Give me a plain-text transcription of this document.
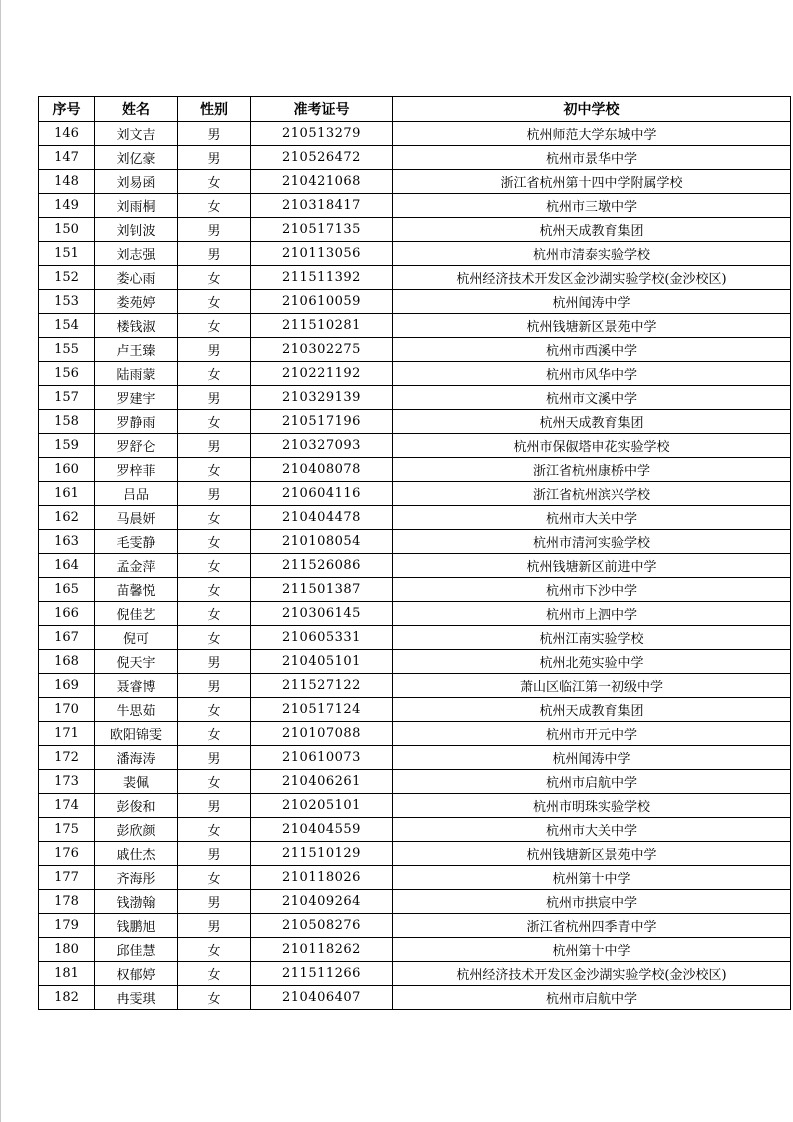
序号	姓名	性别	准考证号	初中学校
146	刘文吉	男	210513279	杭州师范大学东城中学
147	刘亿豪	男	210526472	杭州市景华中学
148	刘易函	女	210421068	浙江省杭州第十四中学附属学校
149	刘雨桐	女	210318417	杭州市三墩中学
150	刘钊波	男	210517135	杭州天成教育集团
151	刘志强	男	210113056	杭州市清泰实验学校
152	娄心雨	女	211511392	杭州经济技术开发区金沙湖实验学校(金沙校区)
153	娄苑婷	女	210610059	杭州闻涛中学
154	楼钱淑	女	211510281	杭州钱塘新区景苑中学
155	卢王臻	男	210302275	杭州市西溪中学
156	陆雨蒙	女	210221192	杭州市风华中学
157	罗建宇	男	210329139	杭州市文溪中学
158	罗静雨	女	210517196	杭州天成教育集团
159	罗舒仑	男	210327093	杭州市保俶塔申花实验学校
160	罗梓菲	女	210408078	浙江省杭州康桥中学
161	吕品	男	210604116	浙江省杭州滨兴学校
162	马晨妍	女	210404478	杭州市大关中学
163	毛雯静	女	210108054	杭州市清河实验学校
164	孟金萍	女	211526086	杭州钱塘新区前进中学
165	苗馨悦	女	211501387	杭州市下沙中学
166	倪佳艺	女	210306145	杭州市上泗中学
167	倪可	女	210605331	杭州江南实验学校
168	倪天宇	男	210405101	杭州北苑实验中学
169	聂睿博	男	211527122	萧山区临江第一初级中学
170	牛思茹	女	210517124	杭州天成教育集团
171	欧阳锦雯	女	210107088	杭州市开元中学
172	潘海涛	男	210610073	杭州闻涛中学
173	裴佩	女	210406261	杭州市启航中学
174	彭俊和	男	210205101	杭州市明珠实验学校
175	彭欣颜	女	210404559	杭州市大关中学
176	戚仕杰	男	211510129	杭州钱塘新区景苑中学
177	齐海彤	女	210118026	杭州第十中学
178	钱渤翰	男	210409264	杭州市拱宸中学
179	钱鹏旭	男	210508276	浙江省杭州四季青中学
180	邱佳慧	女	210118262	杭州第十中学
181	权郁婷	女	211511266	杭州经济技术开发区金沙湖实验学校(金沙校区)
182	冉雯琪	女	210406407	杭州市启航中学
